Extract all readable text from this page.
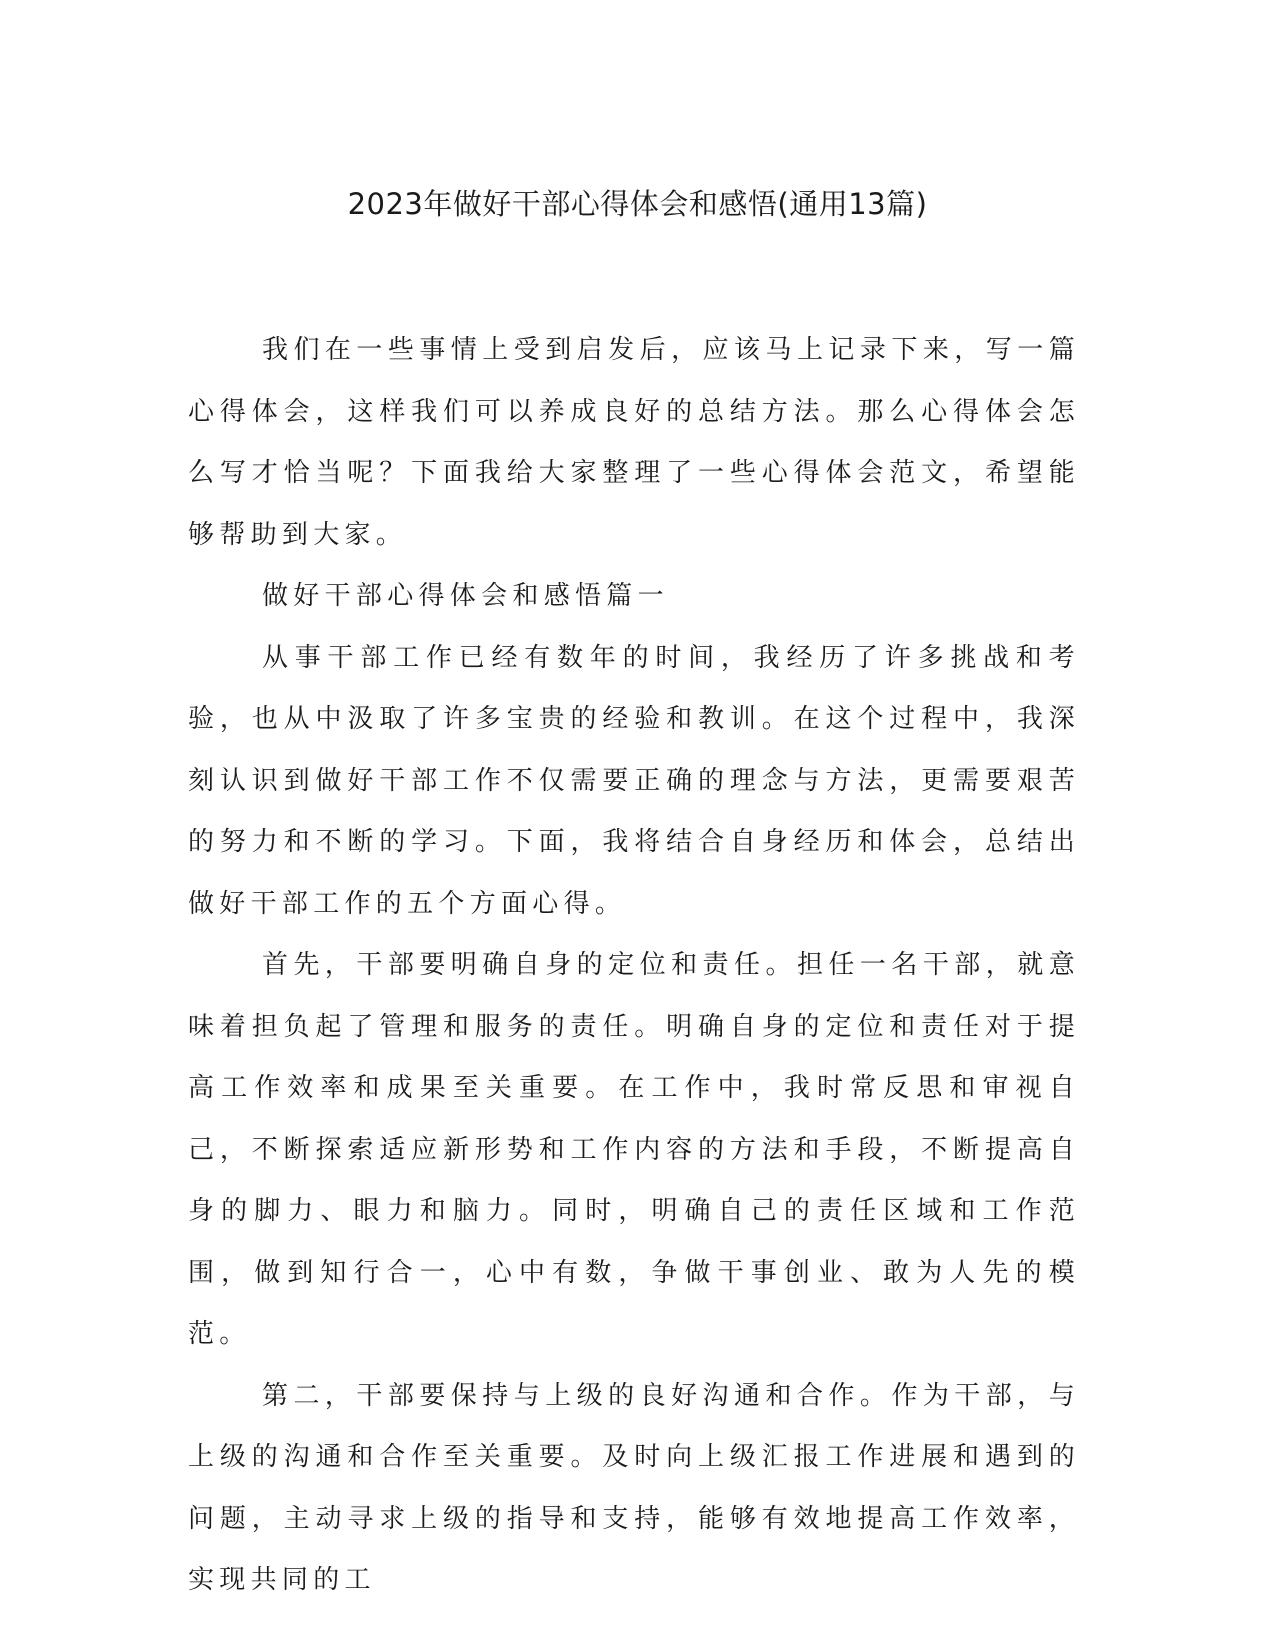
2023年做好干部心得体会和感悟(通用13篇)

我们在一些事情上受到启发后，应该马上记录下来，写一篇心得体会，这样我们可以养成良好的总结方法。那么心得体会怎么写才恰当呢？下面我给大家整理了一些心得体会范文，希望能够帮助到大家。

做好干部心得体会和感悟篇一

从事干部工作已经有数年的时间，我经历了许多挑战和考验，也从中汲取了许多宝贵的经验和教训。在这个过程中，我深刻认识到做好干部工作不仅需要正确的理念与方法，更需要艰苦的努力和不断的学习。下面，我将结合自身经历和体会，总结出做好干部工作的五个方面心得。

首先，干部要明确自身的定位和责任。担任一名干部，就意味着担负起了管理和服务的责任。明确自身的定位和责任对于提高工作效率和成果至关重要。在工作中，我时常反思和审视自己，不断探索适应新形势和工作内容的方法和手段，不断提高自身的脚力、眼力和脑力。同时，明确自己的责任区域和工作范围，做到知行合一，心中有数，争做干事创业、敢为人先的模范。

第二，干部要保持与上级的良好沟通和合作。作为干部，与上级的沟通和合作至关重要。及时向上级汇报工作进展和遇到的问题，主动寻求上级的指导和支持，能够有效地提高工作效率，实现共同的工
